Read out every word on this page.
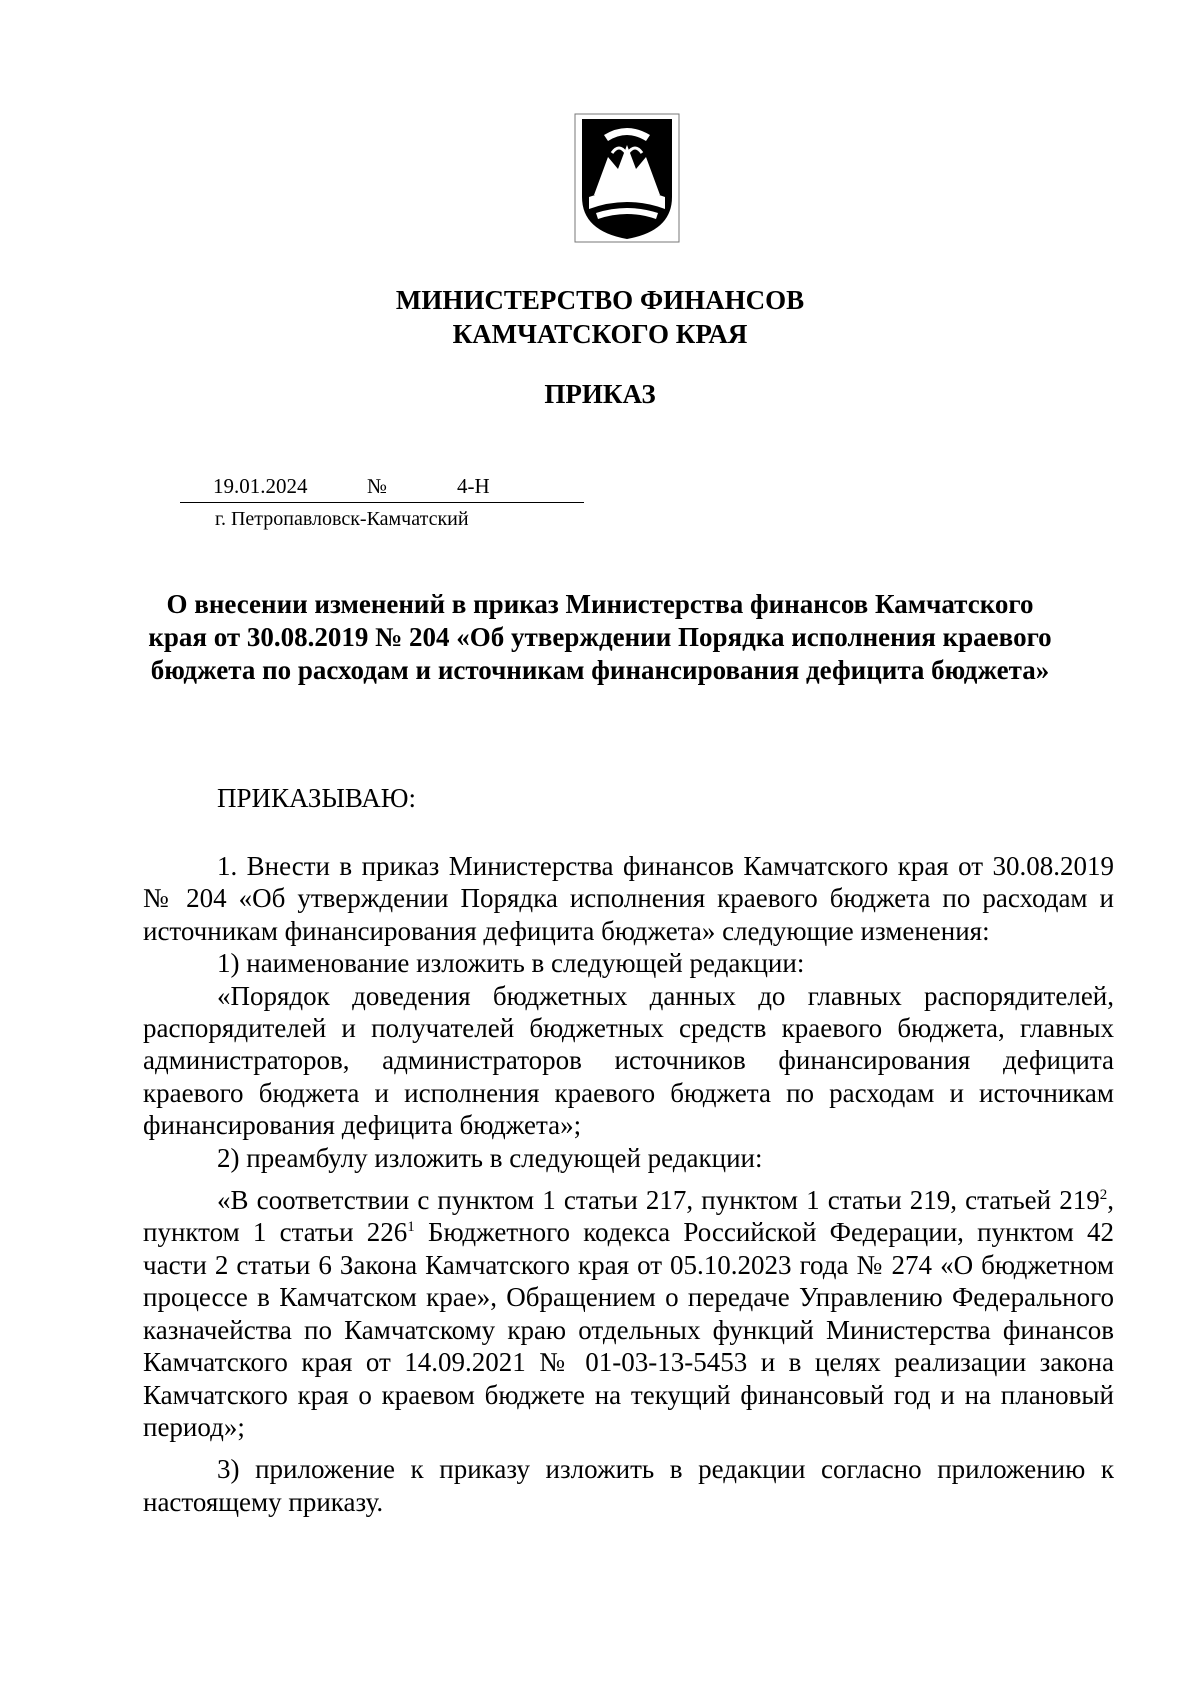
МИНИСТЕРСТВО ФИНАНСОВ
КАМЧАТСКОГО КРАЯ
ПРИКАЗ
19.01.2024	№	4-Н
г. Петропавловск-Камчатский
О внесении изменений в приказ Министерства финансов Камчатского края от 30.08.2019 № 204 «Об утверждении Порядка исполнения краевого бюджета по расходам и источникам финансирования дефицита бюджета»
ПРИКАЗЫВАЮ:

1. Внести в приказ Министерства финансов Камчатского края от 30.08.2019 № 204 «Об утверждении Порядка исполнения краевого бюджета по расходам и источникам финансирования дефицита бюджета» следующие изменения:

1) наименование изложить в следующей редакции:

«Порядок доведения бюджетных данных до главных распорядителей, распорядителей и получателей бюджетных средств краевого бюджета, главных администраторов, администраторов источников финансирования дефицита краевого бюджета и исполнения краевого бюджета по расходам и источникам финансирования дефицита бюджета»;

2) преамбулу изложить в следующей редакции:

«В соответствии с пунктом 1 статьи 217, пунктом 1 статьи 219, статьей $219^2$, пунктом 1 статьи $226^1$ Бюджетного кодекса Российской Федерации, пунктом 42 части 2 статьи 6 Закона Камчатского края от 05.10.2023 года № 274 «О бюджетном процессе в Камчатском крае», Обращением о передаче Управлению Федерального казначейства по Камчатскому краю отдельных функций Министерства финансов Камчатского края от 14.09.2021 № 01-03-13-5453 и в целях реализации закона Камчатского края о краевом бюджете на текущий финансовый год и на плановый период»;

3) приложение к приказу изложить в редакции согласно приложению к настоящему приказу.
